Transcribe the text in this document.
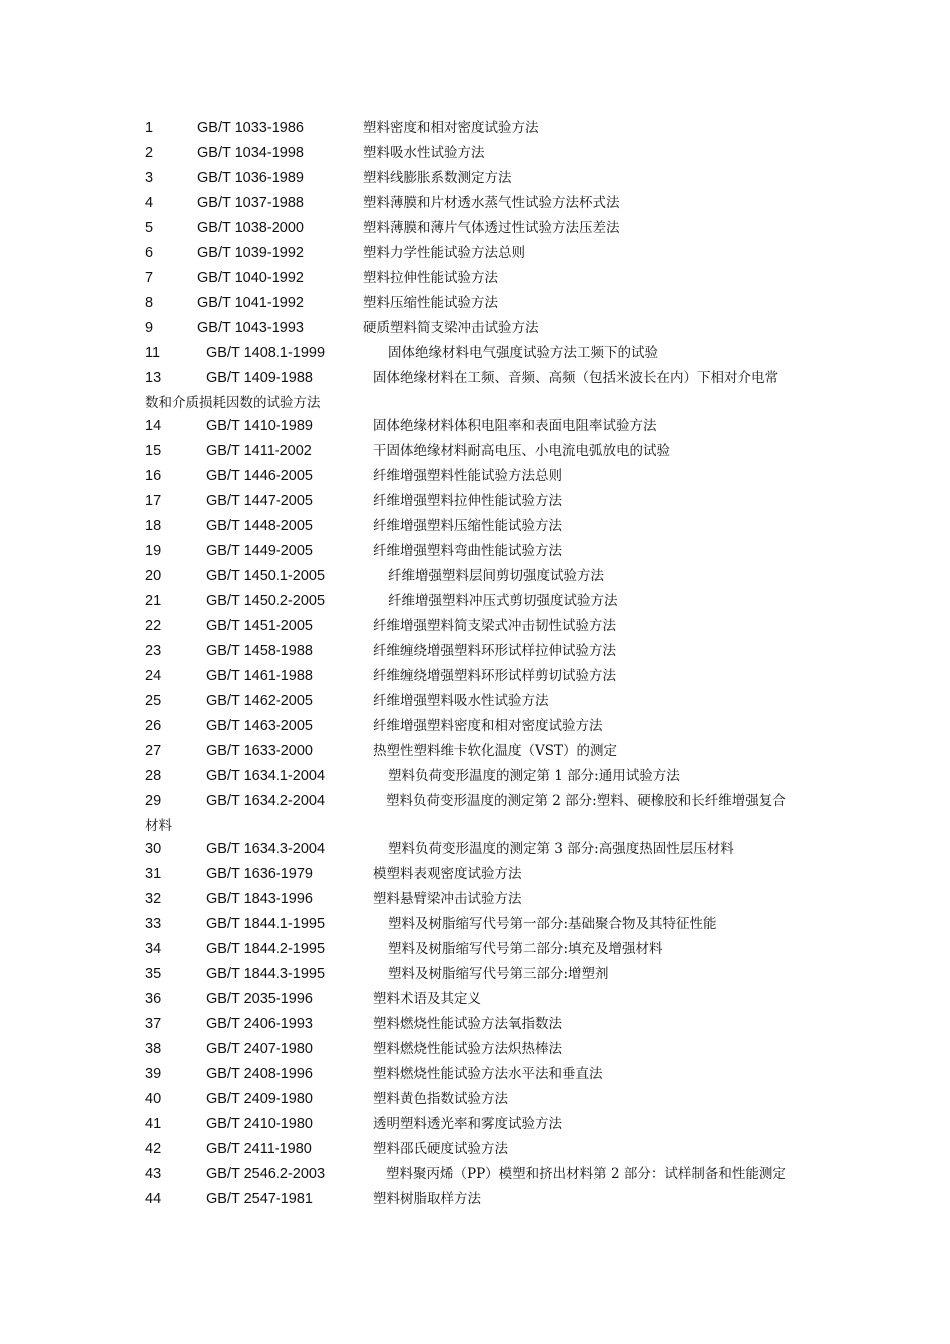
1	GB/T 1033-1986	塑料密度和相对密度试验方法
2	GB/T 1034-1998	塑料吸水性试验方法
3	GB/T 1036-1989	塑料线膨胀系数测定方法
4	GB/T 1037-1988	塑料薄膜和片材透水蒸气性试验方法杯式法
5	GB/T 1038-2000	塑料薄膜和薄片气体透过性试验方法压差法
6	GB/T 1039-1992	塑料力学性能试验方法总则
7	GB/T 1040-1992	塑料拉伸性能试验方法
8	GB/T 1041-1992	塑料压缩性能试验方法
9	GB/T 1043-1993	硬质塑料简支梁冲击试验方法
11	GB/T 1408.1-1999	固体绝缘材料电气强度试验方法工频下的试验
13	GB/T 1409-1988	固体绝缘材料在工频、音频、高频（包括米波长在内）下相对介电常
数和介质损耗因数的试验方法
14	GB/T 1410-1989	固体绝缘材料体积电阻率和表面电阻率试验方法
15	GB/T 1411-2002	干固体绝缘材料耐高电压、小电流电弧放电的试验
16	GB/T 1446-2005	纤维增强塑料性能试验方法总则
17	GB/T 1447-2005	纤维增强塑料拉伸性能试验方法
18	GB/T 1448-2005	纤维增强塑料压缩性能试验方法
19	GB/T 1449-2005	纤维增强塑料弯曲性能试验方法
20	GB/T 1450.1-2005	纤维增强塑料层间剪切强度试验方法
21	GB/T 1450.2-2005	纤维增强塑料冲压式剪切强度试验方法
22	GB/T 1451-2005	纤维增强塑料简支梁式冲击韧性试验方法
23	GB/T 1458-1988	纤维缠绕增强塑料环形试样拉伸试验方法
24	GB/T 1461-1988	纤维缠绕增强塑料环形试样剪切试验方法
25	GB/T 1462-2005	纤维增强塑料吸水性试验方法
26	GB/T 1463-2005	纤维增强塑料密度和相对密度试验方法
27	GB/T 1633-2000	热塑性塑料维卡软化温度（VST）的测定
28	GB/T 1634.1-2004	塑料负荷变形温度的测定第 1 部分:通用试验方法
29	GB/T 1634.2-2004	塑料负荷变形温度的测定第 2 部分:塑料、硬橡胶和长纤维增强复合
材料
30	GB/T 1634.3-2004	塑料负荷变形温度的测定第 3 部分:高强度热固性层压材料
31	GB/T 1636-1979	模塑料表观密度试验方法
32	GB/T 1843-1996	塑料悬臂梁冲击试验方法
33	GB/T 1844.1-1995	塑料及树脂缩写代号第一部分:基础聚合物及其特征性能
34	GB/T 1844.2-1995	塑料及树脂缩写代号第二部分:填充及增强材料
35	GB/T 1844.3-1995	塑料及树脂缩写代号第三部分:增塑剂
36	GB/T 2035-1996	塑料术语及其定义
37	GB/T 2406-1993	塑料燃烧性能试验方法氧指数法
38	GB/T 2407-1980	塑料燃烧性能试验方法炽热棒法
39	GB/T 2408-1996	塑料燃烧性能试验方法水平法和垂直法
40	GB/T 2409-1980	塑料黄色指数试验方法
41	GB/T 2410-1980	透明塑料透光率和雾度试验方法
42	GB/T 2411-1980	塑料邵氏硬度试验方法
43	GB/T 2546.2-2003	塑料聚丙烯（PP）模塑和挤出材料第 2 部分：试样制备和性能测定
44	GB/T 2547-1981	塑料树脂取样方法
